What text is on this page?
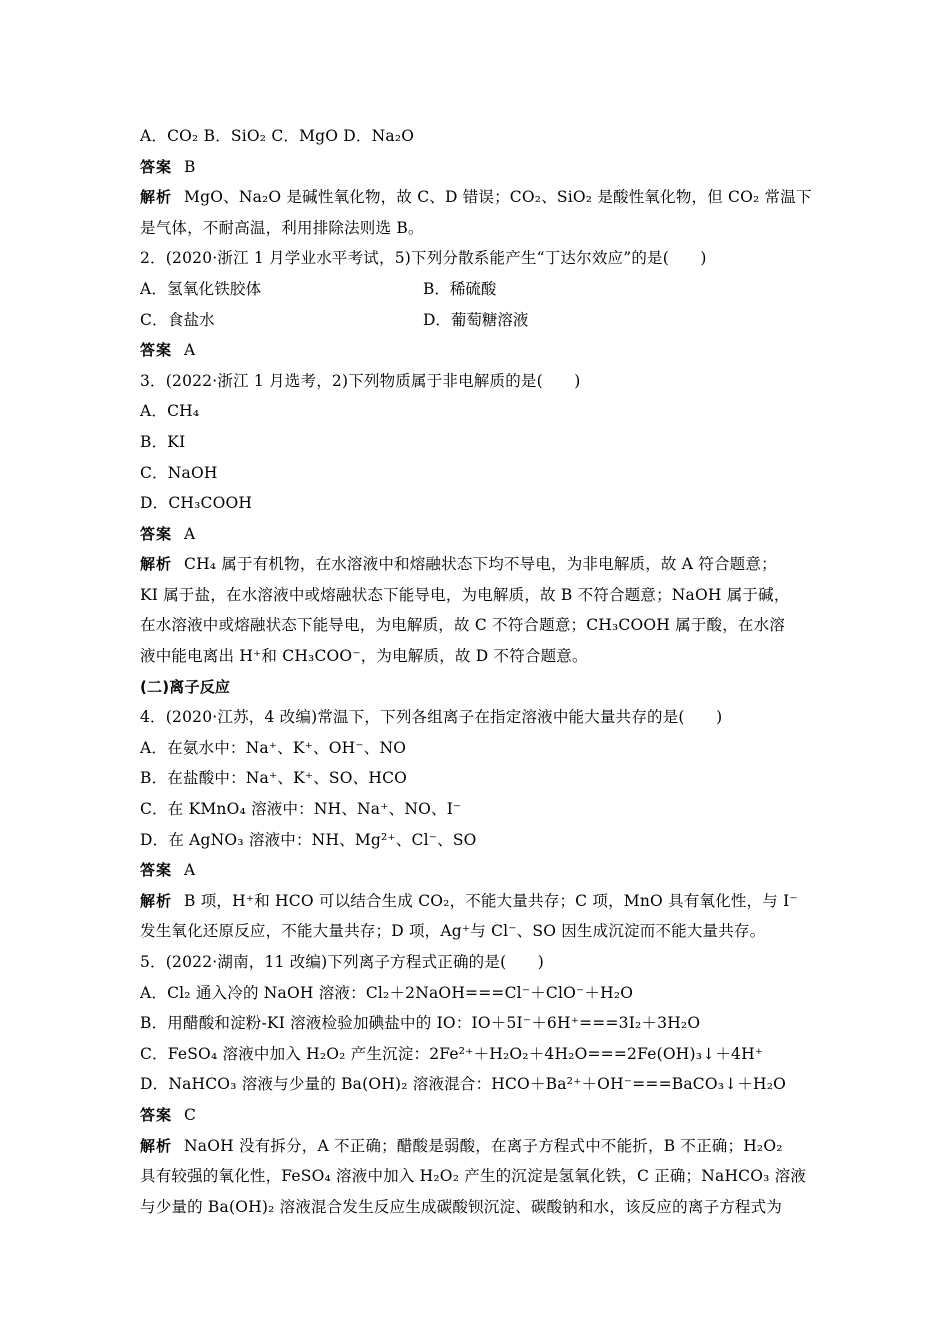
A．CO₂ B．SiO₂ C．MgO D．Na₂O
答案 B
解析 MgO、Na₂O 是碱性氧化物，故 C、D 错误；CO₂、SiO₂ 是酸性氧化物，但 CO₂ 常温下
是气体，不耐高温，利用排除法则选 B。
2．(2020·浙江 1 月学业水平考试，5)下列分散系能产生“丁达尔效应”的是(　　)
A．氢氧化铁胶体	B．稀硫酸
C．食盐水	D．葡萄糖溶液
答案 A
3．(2022·浙江 1 月选考，2)下列物质属于非电解质的是(　　)
A．CH₄
B．KI
C．NaOH
D．CH₃COOH
答案 A
解析 CH₄ 属于有机物，在水溶液中和熔融状态下均不导电，为非电解质，故 A 符合题意；
KI 属于盐，在水溶液中或熔融状态下能导电，为电解质，故 B 不符合题意；NaOH 属于碱，
在水溶液中或熔融状态下能导电，为电解质，故 C 不符合题意；CH₃COOH 属于酸，在水溶
液中能电离出 H⁺和 CH₃COO⁻，为电解质，故 D 不符合题意。
(二)离子反应
4．(2020·江苏，4 改编)常温下，下列各组离子在指定溶液中能大量共存的是(　　)
A．在氨水中：Na⁺、K⁺、OH⁻、NO
B．在盐酸中：Na⁺、K⁺、SO、HCO
C．在 KMnO₄ 溶液中：NH、Na⁺、NO、I⁻
D．在 AgNO₃ 溶液中：NH、Mg²⁺、Cl⁻、SO
答案 A
解析 B 项，H⁺和 HCO 可以结合生成 CO₂，不能大量共存；C 项，MnO 具有氧化性，与 I⁻
发生氧化还原反应，不能大量共存；D 项，Ag⁺与 Cl⁻、SO 因生成沉淀而不能大量共存。
5．(2022·湖南，11 改编)下列离子方程式正确的是(　　)
A．Cl₂ 通入冷的 NaOH 溶液：Cl₂＋2NaOH===Cl⁻＋ClO⁻＋H₂O
B．用醋酸和淀粉-KI 溶液检验加碘盐中的 IO：IO＋5I⁻＋6H⁺===3I₂＋3H₂O
C．FeSO₄ 溶液中加入 H₂O₂ 产生沉淀：2Fe²⁺＋H₂O₂＋4H₂O===2Fe(OH)₃↓＋4H⁺
D．NaHCO₃ 溶液与少量的 Ba(OH)₂ 溶液混合：HCO＋Ba²⁺＋OH⁻===BaCO₃↓＋H₂O
答案 C
解析 NaOH 没有拆分，A 不正确；醋酸是弱酸，在离子方程式中不能折，B 不正确；H₂O₂
具有较强的氧化性，FeSO₄ 溶液中加入 H₂O₂ 产生的沉淀是氢氧化铁，C 正确；NaHCO₃ 溶液
与少量的 Ba(OH)₂ 溶液混合发生反应生成碳酸钡沉淀、碳酸钠和水，该反应的离子方程式为
